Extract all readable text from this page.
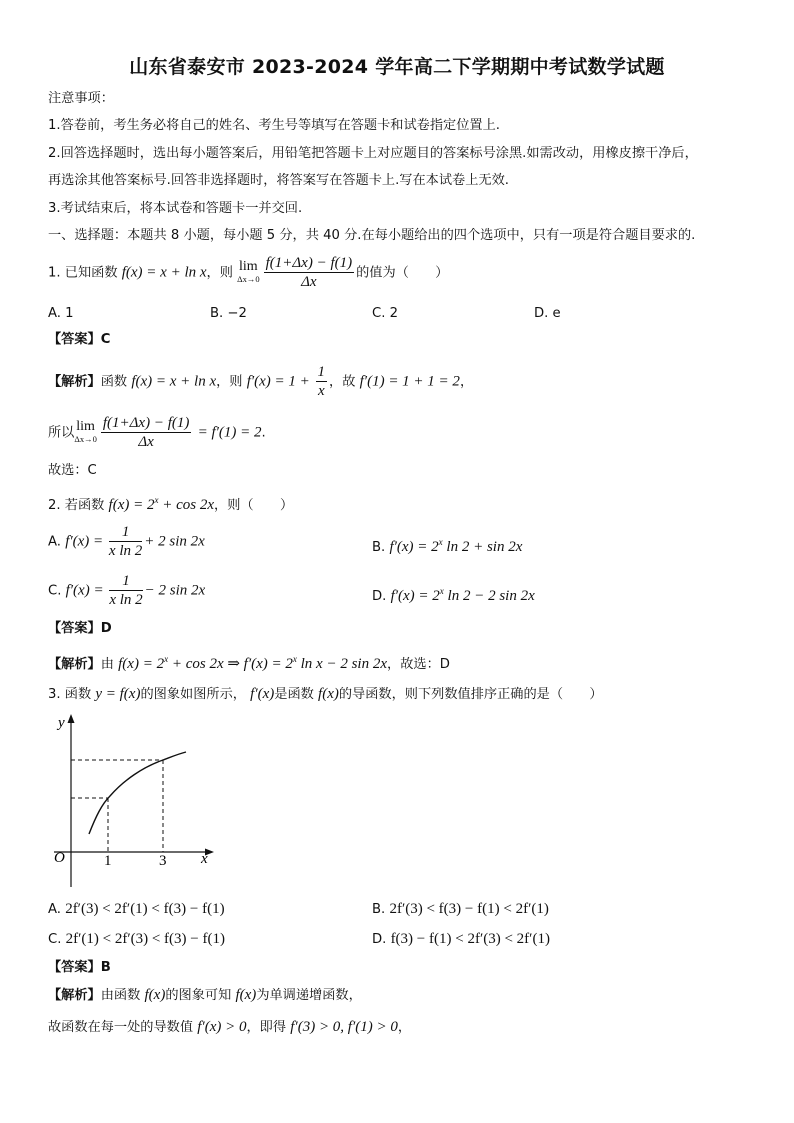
山东省泰安市 2023-2024 学年高二下学期期中考试数学试题
注意事项：
1.答卷前，考生务必将自己的姓名、考生号等填写在答题卡和试卷指定位置上.
2.回答选择题时，选出每小题答案后，用铅笔把答题卡上对应题目的答案标号涂黑.如需改动，用橡皮擦干净后，
再选涂其他答案标号.回答非选择题时，将答案写在答题卡上.写在本试卷上无效.
3.考试结束后，将本试卷和答题卡一并交回.
一、选择题：本题共 8 小题，每小题 5 分，共 40 分.在每小题给出的四个选项中，只有一项是符合题目要求的.
1. 已知函数 f(x) = x + ln x，则 lim
$\Delta x\to 0 \frac{f(1+\Delta x) - f(1)}{\Delta x}$ 的值为（　　）
A. 1	B. −2	C. 2	D. e
【答案】C
【解析】函数 f(x) = x + ln x，则 $f'(x) = 1 + \frac{1}{x}$ ，故 f′(1) = 1 + 1 = 2，
所以 lim
$\Delta x\to 0 \frac{f(1+\Delta x) - f(1)}{\Delta x} = f'(1) = 2$.
故选：C
2. 若函数 $f(x) = 2^x + \cos 2x$，则（　　）
A. $f'(x) = \frac{1}{\text{x ln 2}} + 2$ sin 2x	B. $f'(x) = 2^x$ ln 2 + sin 2x
C. $f'(x) = \frac{1}{\text{x ln 2}} - 2$ sin 2x	D. $f'(x) = 2^x$ ln 2 − 2 sin 2x
【答案】D
【解析】由 $f(x) = 2^x + \cos 2x$ ⇒ $f'(x) = 2^x$ ln x − 2 sin 2x，故选：D
3. 函数 y = f(x)的图象如图所示， f′(x)是函数 f(x)的导函数，则下列数值排序正确的是（　　）
y
x
O	1	3
A. 2f′(3) < 2f′(1) < f(3) − f(1)	B. 2f′(3) < f(3) − f(1) < 2f′(1)
C. 2f′(1) < 2f′(3) < f(3) − f(1)	D. f(3) − f(1) < 2f′(3) < 2f′(1)
【答案】B
【解析】由函数 f(x)的图象可知 f(x)为单调递增函数，
故函数在每一处的导数值 f′(x) > 0，即得 f′(3) > 0, f′(1) > 0，
